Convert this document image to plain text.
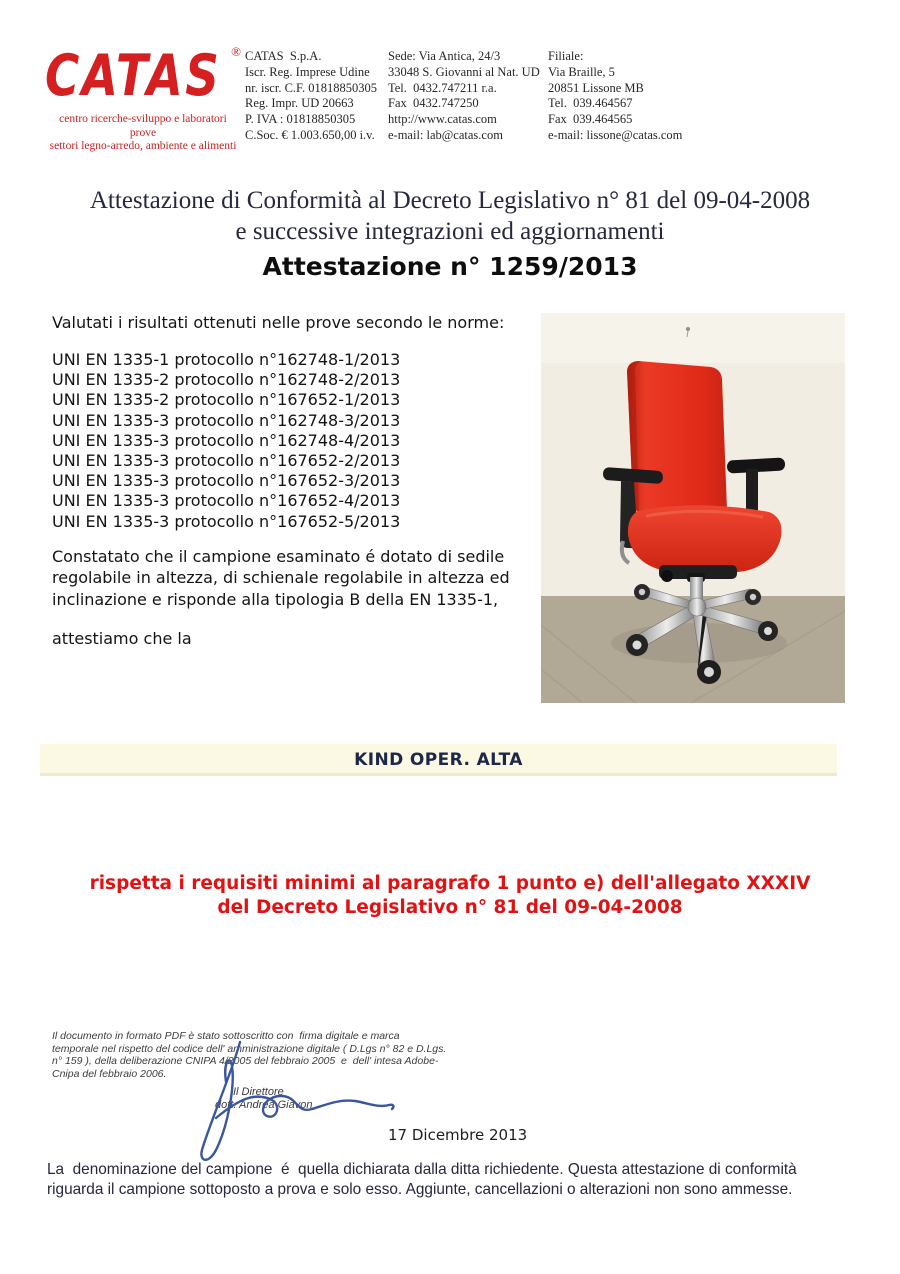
CATAS ®
centro ricerche-sviluppo e laboratori prove
settori legno-arredo, ambiente e alimenti
CATAS  S.p.A.
Iscr. Reg. Imprese Udine
nr. iscr. C.F. 01818850305
Reg. Impr. UD 20663
P. IVA : 01818850305
C.Soc. € 1.003.650,00 i.v.
Sede: Via Antica, 24/3
33048 S. Giovanni al Nat. UD
Tel.  0432.747211 r.a.
Fax  0432.747250
http://www.catas.com
e-mail: lab@catas.com
Filiale:
Via Braille, 5
20851 Lissone MB
Tel.  039.464567
Fax  039.464565
e-mail: lissone@catas.com
Attestazione di Conformità al Decreto Legislativo n° 81 del 09-04-2008
e successive integrazioni ed aggiornamenti
Attestazione n° 1259/2013
Valutati i risultati ottenuti nelle prove secondo le norme:
UNI EN 1335-1 protocollo n°162748-1/2013
UNI EN 1335-2 protocollo n°162748-2/2013
UNI EN 1335-2 protocollo n°167652-1/2013
UNI EN 1335-3 protocollo n°162748-3/2013
UNI EN 1335-3 protocollo n°162748-4/2013
UNI EN 1335-3 protocollo n°167652-2/2013
UNI EN 1335-3 protocollo n°167652-3/2013
UNI EN 1335-3 protocollo n°167652-4/2013
UNI EN 1335-3 protocollo n°167652-5/2013
Constatato che il campione esaminato é dotato di sedile regolabile in altezza, di schienale regolabile in altezza ed inclinazione e risponde alla tipologia B della EN 1335-1,
attestiamo che la
KIND OPER. ALTA
rispetta i requisiti minimi al paragrafo 1 punto e) dell'allegato XXXIV
del Decreto Legislativo n° 81 del 09-04-2008
Il documento in formato PDF è stato sottoscritto con  firma digitale e marca
temporale nel rispetto del codice dell' amministrazione digitale ( D.Lgs n° 82 e D.Lgs.
n° 159 ), della deliberazione CNIPA 4/2005 del febbraio 2005  e  dell' intesa Adobe-
Cnipa del febbraio 2006.
Il Direttore
dott. Andrea Giavon
17 Dicembre 2013
La  denominazione del campione  é  quella dichiarata dalla ditta richiedente. Questa attestazione di conformità
riguarda il campione sottoposto a prova e solo esso. Aggiunte, cancellazioni o alterazioni non sono ammesse.
